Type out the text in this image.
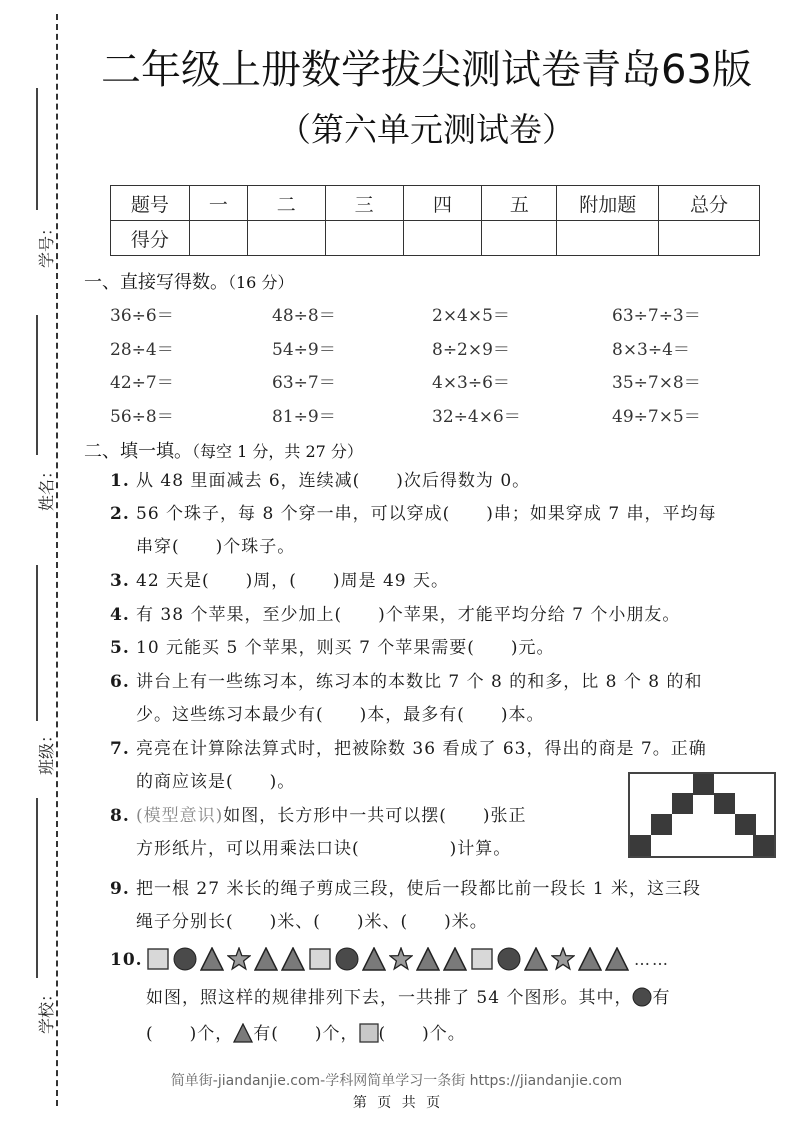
学号：
姓名：
班级：
学校：
二年级上册数学拔尖测试卷青岛63版
（第六单元测试卷）
题号	一	二	三	四	五	附加题	总分
得分							
一、直接写得数。（16 分）
36÷6＝	48÷8＝	2×4×5＝	63÷7÷3＝
28÷4＝	54÷9＝	8÷2×9＝	8×3÷4＝
42÷7＝	63÷7＝	4×3÷6＝	35÷7×8＝
56÷8＝	81÷9＝	32÷4×6＝	49÷7×5＝
二、填一填。（每空 1 分，共 27 分）
1. 从 48 里面减去 6，连续减(　　)次后得数为 0。
2. 56 个珠子，每 8 个穿一串，可以穿成(　　)串；如果穿成 7 串，平均每
串穿(　　)个珠子。
3. 42 天是(　　)周，(　　)周是 49 天。
4. 有 38 个苹果，至少加上(　　)个苹果，才能平均分给 7 个小朋友。
5. 10 元能买 5 个苹果，则买 7 个苹果需要(　　)元。
6. 讲台上有一些练习本，练习本的本数比 7 个 8 的和多，比 8 个 8 的和
少。这些练习本最少有(　　)本，最多有(　　)本。
7. 亮亮在计算除法算式时，把被除数 36 看成了 63，得出的商是 7。正确
的商应该是(　　)。
8. (模型意识)如图，长方形中一共可以摆(　　)张正
方形纸片，可以用乘法口诀(　　　　　)计算。
9. 把一根 27 米长的绳子剪成三段，使后一段都比前一段长 1 米，这三段
绳子分别长(　　)米、(　　)米、(　　)米。
10.	……
如图，照这样的规律排列下去，一共排了 54 个图形。其中， 有
(　　)个， 有(　　)个， (　　)个。
简单街-jiandanjie.com-学科网简单学习一条街 https://jiandanjie.com
第 页 共 页
